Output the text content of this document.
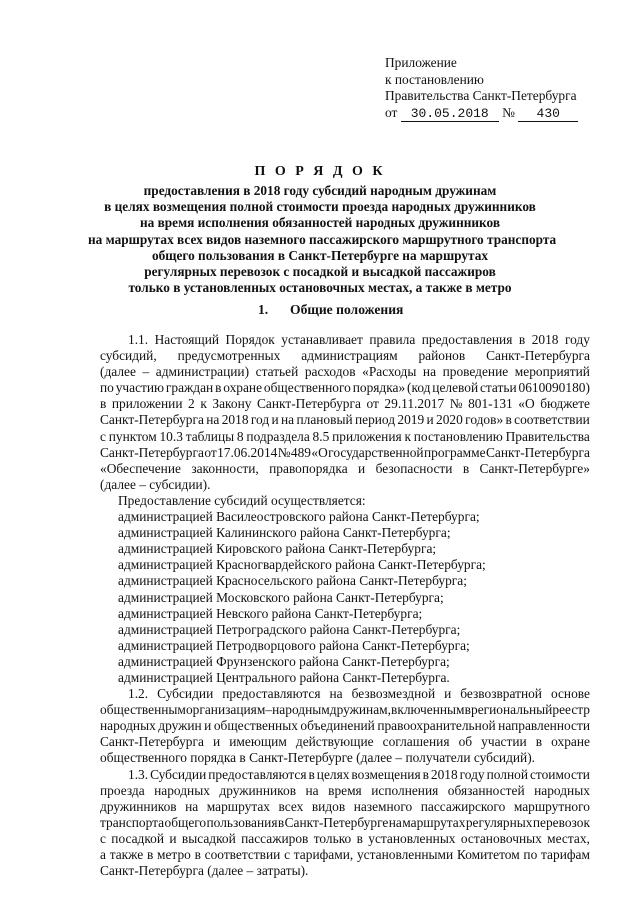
Приложение
к постановлению
Правительства Санкт-Петербурга
от 30.05.2018 № 430
П О Р Я Д О К
предоставления в 2018 году субсидий народным дружинам
в целях возмещения полной стоимости проезда народных дружинников
на время исполнения обязанностей народных дружинников
на маршрутах всех видов наземного пассажирского маршрутного транспорта
общего пользования в Санкт-Петербурге на маршрутах
регулярных перевозок с посадкой и высадкой пассажиров
только в установленных остановочных местах, а также в метро
1. Общие положения
1.1. Настоящий Порядок устанавливает правила предоставления в 2018 году
субсидий, предусмотренных администрациям районов Санкт-Петербурга
(далее – администрации) статьей расходов «Расходы на проведение мероприятий
по участию граждан в охране общественного порядка» (код целевой статьи 0610090180)
в приложении 2 к Закону Санкт-Петербурга от 29.11.2017 № 801-131 «О бюджете
Санкт-Петербурга на 2018 год и на плановый период 2019 и 2020 годов» в соответствии
с пунктом 10.3 таблицы 8 подраздела 8.5 приложения к постановлению Правительства
Санкт-Петербурга от 17.06.2014 № 489 «О государственной программе Санкт-Петербурга
«Обеспечение законности, правопорядка и безопасности в Санкт-Петербурге»
(далее – субсидии).
Предоставление субсидий осуществляется:
администрацией Василеостровского района Санкт-Петербурга;
администрацией Калининского района Санкт-Петербурга;
администрацией Кировского района Санкт-Петербурга;
администрацией Красногвардейского района Санкт-Петербурга;
администрацией Красносельского района Санкт-Петербурга;
администрацией Московского района Санкт-Петербурга;
администрацией Невского района Санкт-Петербурга;
администрацией Петроградского района Санкт-Петербурга;
администрацией Петродворцового района Санкт-Петербурга;
администрацией Фрунзенского района Санкт-Петербурга;
администрацией Центрального района Санкт-Петербурга.
1.2. Субсидии предоставляются на безвозмездной и безвозвратной основе
общественным организациям – народным дружинам, включенным в региональный реестр
народных дружин и общественных объединений правоохранительной направленности
Санкт-Петербурга и имеющим действующие соглашения об участии в охране
общественного порядка в Санкт-Петербурге (далее – получатели субсидий).
1.3. Субсидии предоставляются в целях возмещения в 2018 году полной стоимости
проезда народных дружинников на время исполнения обязанностей народных
дружинников на маршрутах всех видов наземного пассажирского маршрутного
транспорта общего пользования в Санкт-Петербурге на маршрутах регулярных перевозок
с посадкой и высадкой пассажиров только в установленных остановочных местах,
а также в метро в соответствии с тарифами, установленными Комитетом по тарифам
Санкт-Петербурга (далее – затраты).
